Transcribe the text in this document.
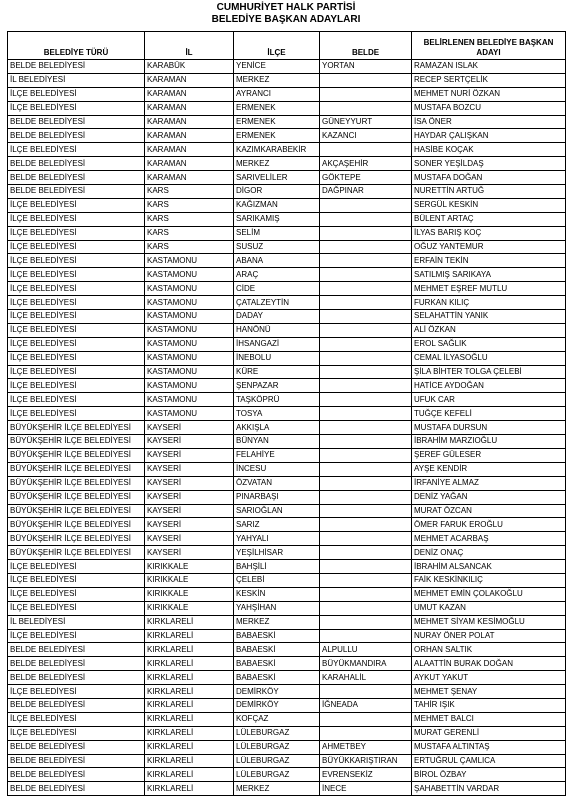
CUMHURİYET HALK PARTİSİ
BELEDİYE BAŞKAN ADAYLARI
BELEDİYE TÜRÜ	İL	İLÇE	BELDE	BELİRLENEN BELEDİYE BAŞKAN ADAYI
BELDE BELEDİYESİ	KARABÜK	YENİCE	YORTAN	RAMAZAN ISLAK
İL BELEDİYESİ	KARAMAN	MERKEZ		RECEP SERTÇELİK
İLÇE BELEDİYESİ	KARAMAN	AYRANCI		MEHMET NURİ ÖZKAN
İLÇE BELEDİYESİ	KARAMAN	ERMENEK		MUSTAFA BOZCU
BELDE BELEDİYESİ	KARAMAN	ERMENEK	GÜNEYYURT	İSA ÖNER
BELDE BELEDİYESİ	KARAMAN	ERMENEK	KAZANCI	HAYDAR ÇALIŞKAN
İLÇE BELEDİYESİ	KARAMAN	KAZIMKARABEKİR		HASİBE KOÇAK
BELDE BELEDİYESİ	KARAMAN	MERKEZ	AKÇAŞEHİR	SONER YEŞİLDAŞ
BELDE BELEDİYESİ	KARAMAN	SARIVELİLER	GÖKTEPE	MUSTAFA DOĞAN
BELDE BELEDİYESİ	KARS	DİGOR	DAĞPINAR	NURETTİN ARTUĞ
İLÇE BELEDİYESİ	KARS	KAĞIZMAN		SERGÜL KESKİN
İLÇE BELEDİYESİ	KARS	SARIKAMIŞ		BÜLENT ARTAÇ
İLÇE BELEDİYESİ	KARS	SELİM		İLYAS BARIŞ KOÇ
İLÇE BELEDİYESİ	KARS	SUSUZ		OĞUZ YANTEMUR
İLÇE BELEDİYESİ	KASTAMONU	ABANA		ERFAİN TEKİN
İLÇE BELEDİYESİ	KASTAMONU	ARAÇ		SATILMIŞ SARIKAYA
İLÇE BELEDİYESİ	KASTAMONU	CİDE		MEHMET EŞREF MUTLU
İLÇE BELEDİYESİ	KASTAMONU	ÇATALZEYTİN		FURKAN KILIÇ
İLÇE BELEDİYESİ	KASTAMONU	DADAY		SELAHATTİN YANIK
İLÇE BELEDİYESİ	KASTAMONU	HANÖNÜ		ALİ ÖZKAN
İLÇE BELEDİYESİ	KASTAMONU	İHSANGAZİ		EROL SAĞLIK
İLÇE BELEDİYESİ	KASTAMONU	İNEBOLU		CEMAL İLYASOĞLU
İLÇE BELEDİYESİ	KASTAMONU	KÜRE		ŞİLA BİHTER TOLGA ÇELEBİ
İLÇE BELEDİYESİ	KASTAMONU	ŞENPAZAR		HATİCE AYDOĞAN
İLÇE BELEDİYESİ	KASTAMONU	TAŞKÖPRÜ		UFUK CAR
İLÇE BELEDİYESİ	KASTAMONU	TOSYA		TUĞÇE KEFELİ
BÜYÜKŞEHİR İLÇE BELEDİYESİ	KAYSERİ	AKKIŞLA		MUSTAFA DURSUN
BÜYÜKŞEHİR İLÇE BELEDİYESİ	KAYSERİ	BÜNYAN		İBRAHİM MARZIOĞLU
BÜYÜKŞEHİR İLÇE BELEDİYESİ	KAYSERİ	FELAHİYE		ŞEREF GÜLESER
BÜYÜKŞEHİR İLÇE BELEDİYESİ	KAYSERİ	İNCESU		AYŞE KENDİR
BÜYÜKŞEHİR İLÇE BELEDİYESİ	KAYSERİ	ÖZVATAN		İRFANİYE ALMAZ
BÜYÜKŞEHİR İLÇE BELEDİYESİ	KAYSERİ	PINARBAŞI		DENİZ YAĞAN
BÜYÜKŞEHİR İLÇE BELEDİYESİ	KAYSERİ	SARIOĞLAN		MURAT ÖZCAN
BÜYÜKŞEHİR İLÇE BELEDİYESİ	KAYSERİ	SARIZ		ÖMER FARUK EROĞLU
BÜYÜKŞEHİR İLÇE BELEDİYESİ	KAYSERİ	YAHYALI		MEHMET ACARBAŞ
BÜYÜKŞEHİR İLÇE BELEDİYESİ	KAYSERİ	YEŞİLHİSAR		DENİZ ONAÇ
İLÇE BELEDİYESİ	KIRIKKALE	BAHŞİLİ		İBRAHİM ALSANCAK
İLÇE BELEDİYESİ	KIRIKKALE	ÇELEBİ		FAİK KESKİNKILIÇ
İLÇE BELEDİYESİ	KIRIKKALE	KESKİN		MEHMET EMİN ÇOLAKOĞLU
İLÇE BELEDİYESİ	KIRIKKALE	YAHŞİHAN		UMUT KAZAN
İL BELEDİYESİ	KIRKLARELİ	MERKEZ		MEHMET SİYAM KESİMOĞLU
İLÇE BELEDİYESİ	KIRKLARELİ	BABAESKİ		NURAY ÖNER POLAT
BELDE BELEDİYESİ	KIRKLARELİ	BABAESKİ	ALPULLU	ORHAN SALTIK
BELDE BELEDİYESİ	KIRKLARELİ	BABAESKİ	BÜYÜKMANDIRA	ALAATTİN BURAK DOĞAN
BELDE BELEDİYESİ	KIRKLARELİ	BABAESKİ	KARAHALİL	AYKUT YAKUT
İLÇE BELEDİYESİ	KIRKLARELİ	DEMİRKÖY		MEHMET ŞENAY
BELDE BELEDİYESİ	KIRKLARELİ	DEMİRKÖY	İĞNEADA	TAHİR IŞIK
İLÇE BELEDİYESİ	KIRKLARELİ	KOFÇAZ		MEHMET BALCI
İLÇE BELEDİYESİ	KIRKLARELİ	LÜLEBURGAZ		MURAT GERENLİ
BELDE BELEDİYESİ	KIRKLARELİ	LÜLEBURGAZ	AHMETBEY	MUSTAFA ALTINTAŞ
BELDE BELEDİYESİ	KIRKLARELİ	LÜLEBURGAZ	BÜYÜKKARIŞTIRAN	ERTUĞRUL ÇAMLICA
BELDE BELEDİYESİ	KIRKLARELİ	LÜLEBURGAZ	EVRENSEKİZ	BİROL ÖZBAY
BELDE BELEDİYESİ	KIRKLARELİ	MERKEZ	İNECE	ŞAHABETTİN VARDAR
